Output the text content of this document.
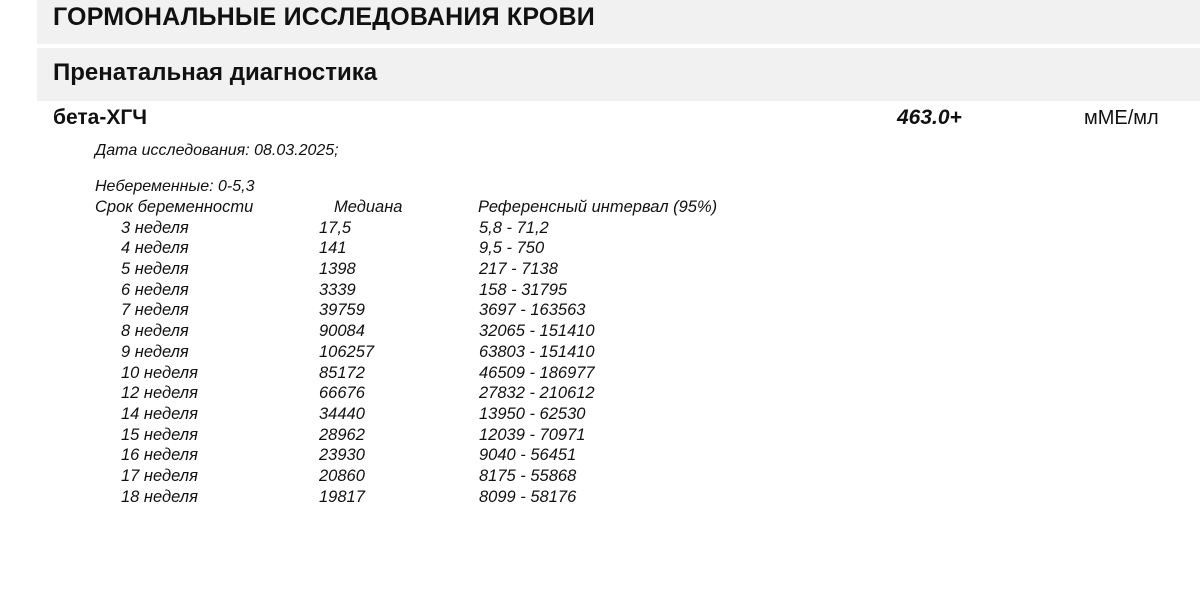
ГОРМОНАЛЬНЫЕ ИССЛЕДОВАНИЯ КРОВИ
Пренатальная диагностика
бета-ХГЧ	463.0+	мМЕ/мл
Дата исследования: 08.03.2025;
Небеременные: 0-5,3
Срок беременности	Медиана	Референсный интервал (95%)
3 неделя	17,5	5,8 - 71,2
4 неделя	141	9,5 - 750
5 неделя	1398	217 - 7138
6 неделя	3339	158 - 31795
7 неделя	39759	3697 - 163563
8 неделя	90084	32065 - 151410
9 неделя	106257	63803 - 151410
10 неделя	85172	46509 - 186977
12 неделя	66676	27832 - 210612
14 неделя	34440	13950 - 62530
15 неделя	28962	12039 - 70971
16 неделя	23930	9040 - 56451
17 неделя	20860	8175 - 55868
18 неделя	19817	8099 - 58176
